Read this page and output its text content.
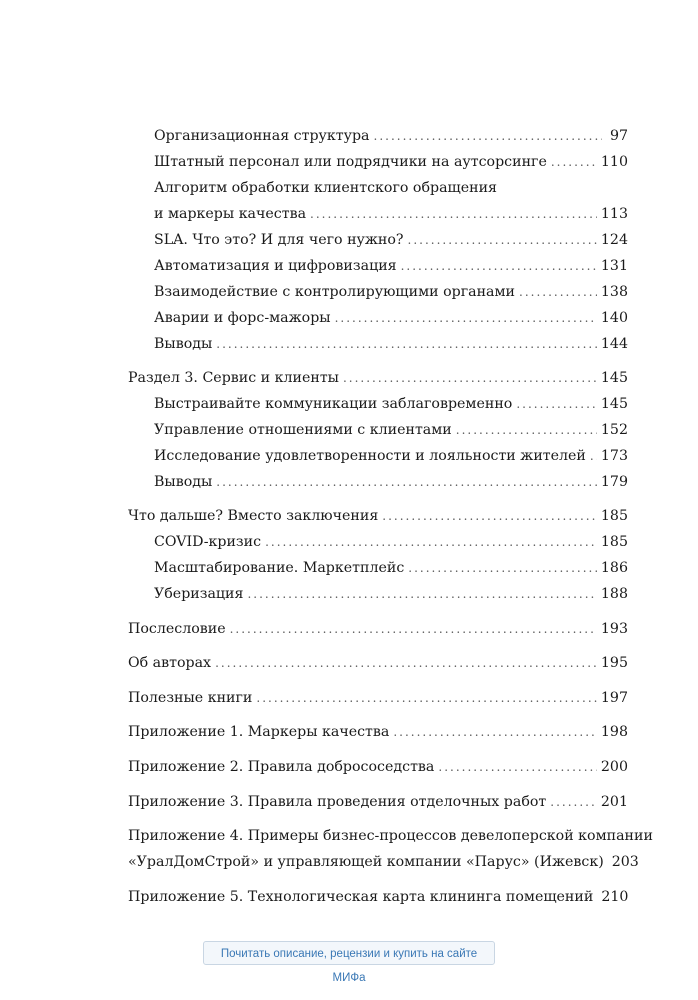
Организационная структура .....	97
Штатный персонал или подрядчики на аутсорсинге .....	110
Алгоритм обработки клиентского обращения
и маркеры качества .....	113
SLA. Что это? И для чего нужно? .....	124
Автоматизация и цифровизация .....	131
Взаимодействие с контролирующими органами .....	138
Аварии и форс-мажоры .....	140
Выводы .....	144
Раздел 3. Сервис и клиенты .....	145
Выстраивайте коммуникации заблаговременно .....	145
Управление отношениями с клиентами .....	152
Исследование удовлетворенности и лояльности жителей ..... 173
Выводы .....	179
Что дальше? Вместо заключения .....	185
COVID-кризис .....	185
Масштабирование. Маркетплейс .....	186
Уберизация .....	188
Послесловие .....	193
Об авторах .....	195
Полезные книги .....	197
Приложение 1. Маркеры качества .....	198
Приложение 2. Правила добрососедства .....	200
Приложение 3. Правила проведения отделочных работ .....	201
Приложение 4. Примеры бизнес-процессов девелоперской компании
«УралДомСтрой» и управляющей компании «Парус» (Ижевск) 203
Приложение 5. Технологическая карта клининга помещений 210
Почитать описание, рецензии и купить на сайте МИФа
